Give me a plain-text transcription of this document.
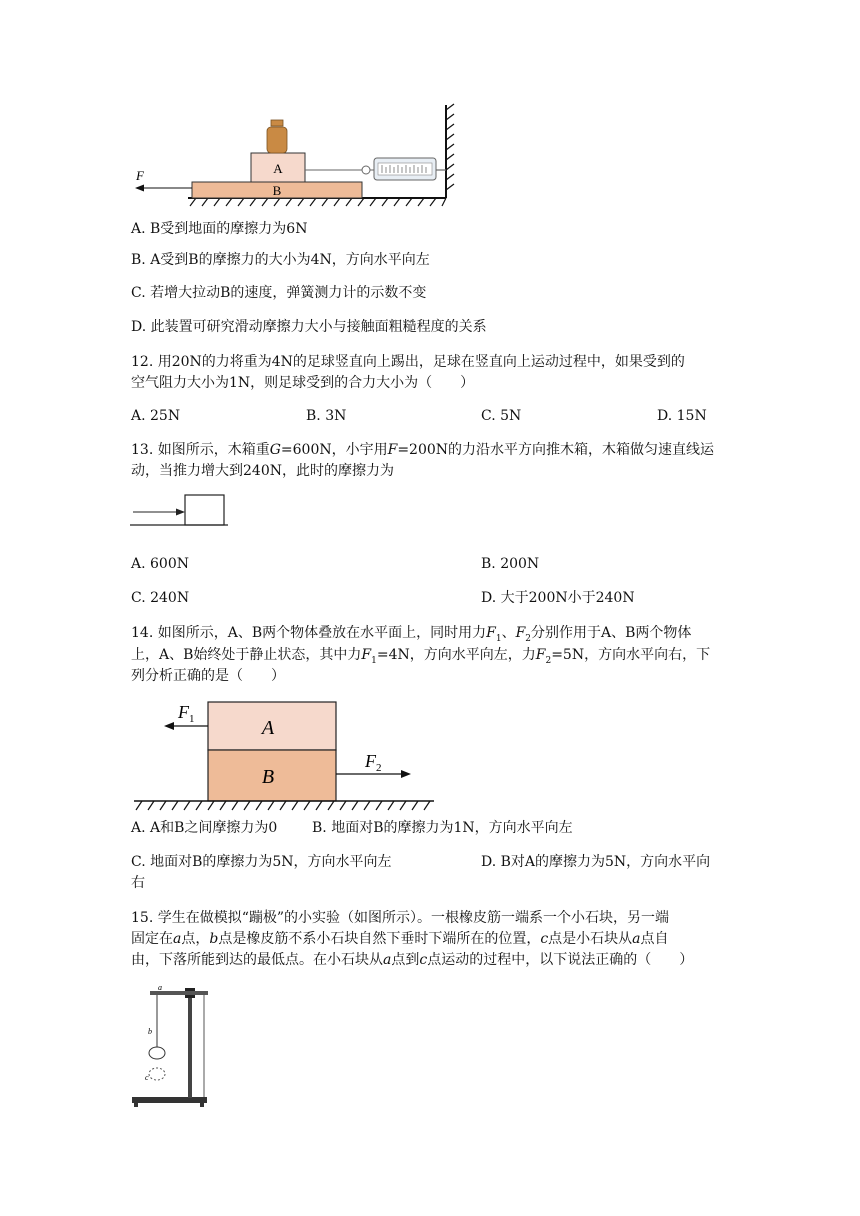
B
A
F
A. B受到地面的摩擦力为6N
B. A受到B的摩擦力的大小为4N，方向水平向左
C. 若增大拉动B的速度，弹簧测力计的示数不变
D. 此装置可研究滑动摩擦力大小与接触面粗糙程度的关系
12. 用20N的力将重为4N的足球竖直向上踢出，足球在竖直向上运动过程中，如果受到的
空气阻力大小为1N，则足球受到的合力大小为（　　）
A. 25N	B. 3N	C. 5N	D. 15N
13. 如图所示，木箱重G=600N，小宇用F=200N的力沿水平方向推木箱，木箱做匀速直线运
动，当推力增大到240N，此时的摩擦力为
A. 600N	B. 200N
C. 240N	D. 大于200N小于240N
14. 如图所示，A、B两个物体叠放在水平面上，同时用力$F_1$、$F_2$分别作用于A、B两个物体
上，A、B始终处于静止状态，其中力$F_1=4N$，方向水平向左，力$F_2=5N$，方向水平向右，下
列分析正确的是（　　）
A
B
$F_1$
$F_2$
A. A和B之间摩擦力为0 B. 地面对B的摩擦力为1N，方向水平向左
C. 地面对B的摩擦力为5N，方向水平向左	D. B对A的摩擦力为5N，方向水平向
右
15. 学生在做模拟“蹦极”的小实验（如图所示）。一根橡皮筋一端系一个小石块，另一端
固定在a点，b点是橡皮筋不系小石块自然下垂时下端所在的位置，c点是小石块从a点自
由，下落所能到达的最低点。在小石块从a点到c点运动的过程中，以下说法正确的（　　）
a
b
c
